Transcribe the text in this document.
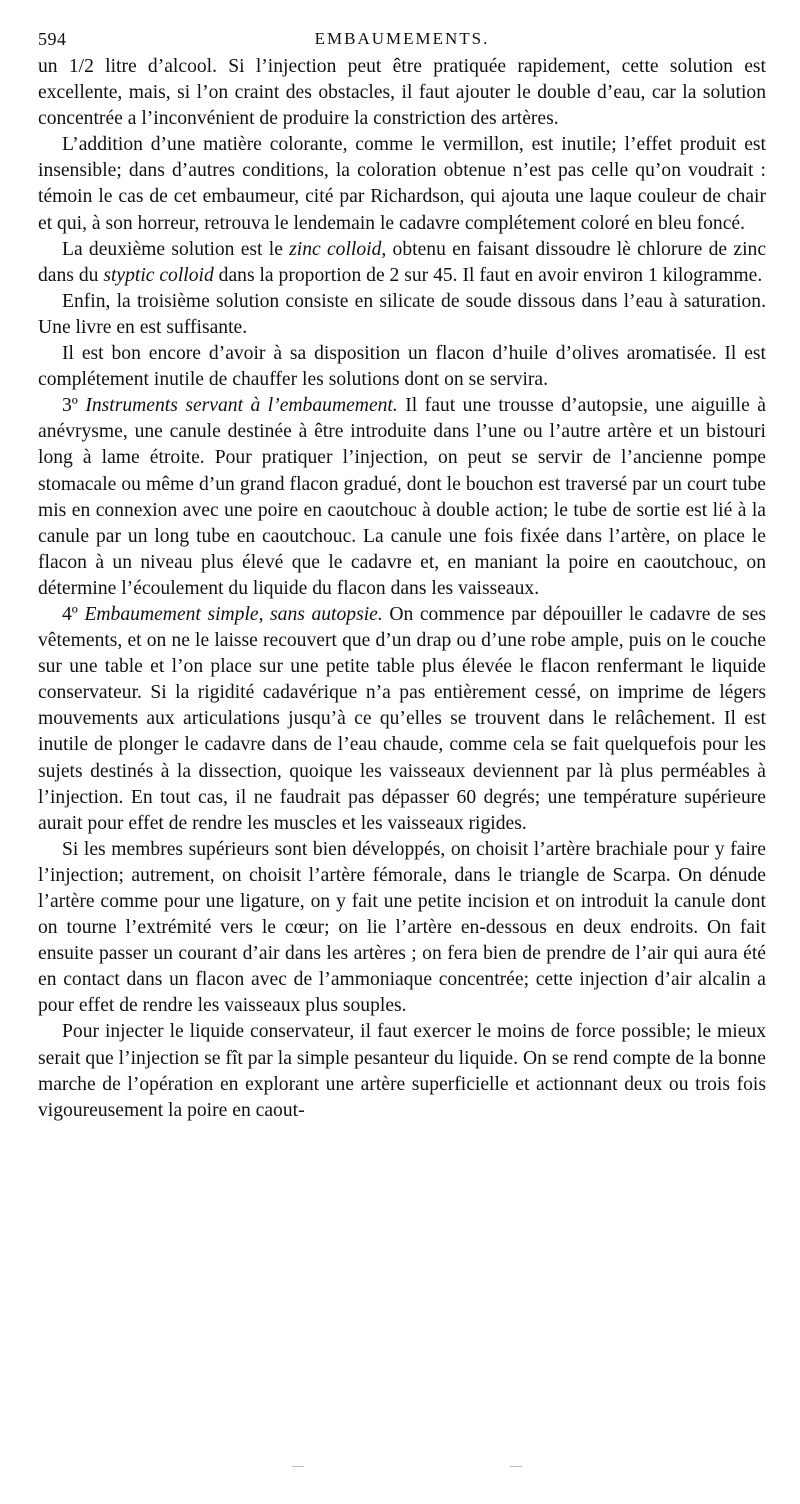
594	EMBAUMEMENTS.

un 1/2 litre d’alcool. Si l’injection peut être pratiquée rapidement, cette solution est excellente, mais, si l’on craint des obstacles, il faut ajouter le double d’eau, car la solution concentrée a l’inconvénient de produire la constriction des artères.

L’addition d’une matière colorante, comme le vermillon, est inutile; l’effet produit est insensible; dans d’autres conditions, la coloration obtenue n’est pas celle qu’on voudrait : témoin le cas de cet embaumeur, cité par Richardson, qui ajouta une laque couleur de chair et qui, à son horreur, retrouva le lendemain le cadavre complétement coloré en bleu foncé.

La deuxième solution est le zinc colloid, obtenu en faisant dissoudre lè chlorure de zinc dans du styptic colloid dans la proportion de 2 sur 45. Il faut en avoir environ 1 kilogramme.

Enfin, la troisième solution consiste en silicate de soude dissous dans l’eau à saturation. Une livre en est suffisante.

Il est bon encore d’avoir à sa disposition un flacon d’huile d’olives aromatisée. Il est complétement inutile de chauffer les solutions dont on se servira.

3º Instruments servant à l’embaumement. Il faut une trousse d’autopsie, une aiguille à anévrysme, une canule destinée à être introduite dans l’une ou l’autre artère et un bistouri long à lame étroite. Pour pratiquer l’injection, on peut se servir de l’ancienne pompe stomacale ou même d’un grand flacon gradué, dont le bouchon est traversé par un court tube mis en connexion avec une poire en caoutchouc à double action; le tube de sortie est lié à la canule par un long tube en caoutchouc. La canule une fois fixée dans l’artère, on place le flacon à un niveau plus élevé que le cadavre et, en maniant la poire en caoutchouc, on détermine l’écoulement du liquide du flacon dans les vaisseaux.

4º Embaumement simple, sans autopsie. On commence par dépouiller le cadavre de ses vêtements, et on ne le laisse recouvert que d’un drap ou d’une robe ample, puis on le couche sur une table et l’on place sur une petite table plus élevée le flacon renfermant le liquide conservateur. Si la rigidité cadavérique n’a pas entièrement cessé, on imprime de légers mouvements aux articulations jusqu’à ce qu’elles se trouvent dans le relâchement. Il est inutile de plonger le cadavre dans de l’eau chaude, comme cela se fait quelquefois pour les sujets destinés à la dissection, quoique les vaisseaux deviennent par là plus perméables à l’injection. En tout cas, il ne faudrait pas dépasser 60 degrés; une température supérieure aurait pour effet de rendre les muscles et les vaisseaux rigides.

Si les membres supérieurs sont bien développés, on choisit l’artère brachiale pour y faire l’injection; autrement, on choisit l’artère fémorale, dans le triangle de Scarpa. On dénude l’artère comme pour une ligature, on y fait une petite incision et on introduit la canule dont on tourne l’extrémité vers le cœur; on lie l’artère en-dessous en deux endroits. On fait ensuite passer un courant d’air dans les artères ; on fera bien de prendre de l’air qui aura été en contact dans un flacon avec de l’ammoniaque concentrée; cette injection d’air alcalin a pour effet de rendre les vaisseaux plus souples.

Pour injecter le liquide conservateur, il faut exercer le moins de force possible; le mieux serait que l’injection se fît par la simple pesanteur du liquide. On se rend compte de la bonne marche de l’opération en explorant une artère superficielle et actionnant deux ou trois fois vigoureusement la poire en caout-
